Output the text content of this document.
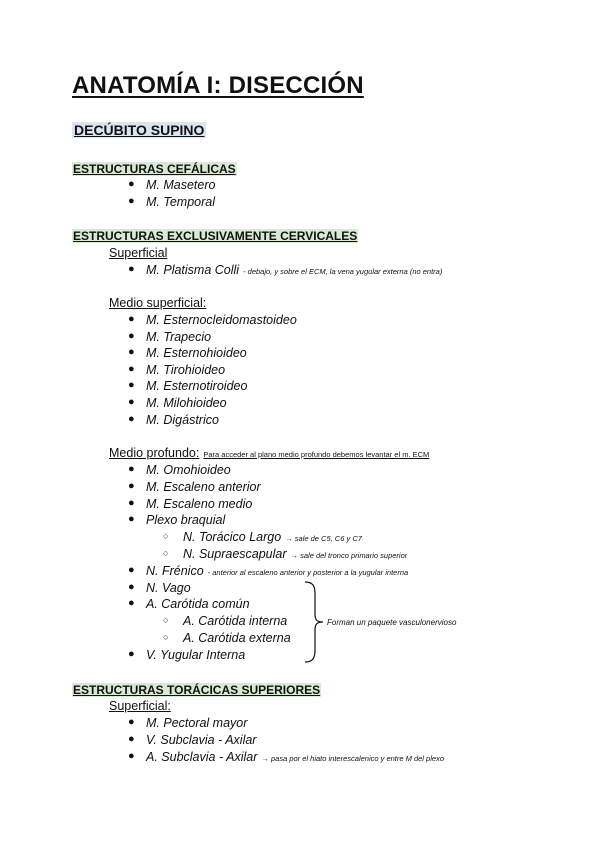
ANATOMÍA I: DISECCIÓN
DECÚBITO SUPINO
ESTRUCTURAS CEFÁLICAS
● M. Masetero
● M. Temporal
ESTRUCTURAS EXCLUSIVAMENTE CERVICALES
Superficial
● M. Platisma Colli - debajo, y sobre el ECM, la vena yugular externa (no entra)
Medio superficial:
● M. Esternocleidomastoideo
● M. Trapecio
● M. Esternohioideo
● M. Tirohioideo
● M. Esternotiroideo
● M. Milohioideo
● M. Digástrico
Medio profundo: Para acceder al plano medio profundo debemos levantar el m. ECM
● M. Omohioideo
● M. Escaleno anterior
● M. Escaleno medio
● Plexo braquial
○ N. Torácico Largo → sale de C5, C6 y C7
○ N. Supraescapular → sale del tronco primario superior
● N. Frénico - anterior al escaleno anterior y posterior a la yugular interna
● N. Vago
● A. Carótida común
○ A. Carótida interna
○ A. Carótida externa
● V. Yugular Interna
Forman un paquete vasculonervioso
ESTRUCTURAS TORÁCICAS SUPERIORES
Superficial:
● M. Pectoral mayor
● V. Subclavia - Axilar
● A. Subclavia - Axilar → pasa por el hiato interescalenico y entre M del plexo
